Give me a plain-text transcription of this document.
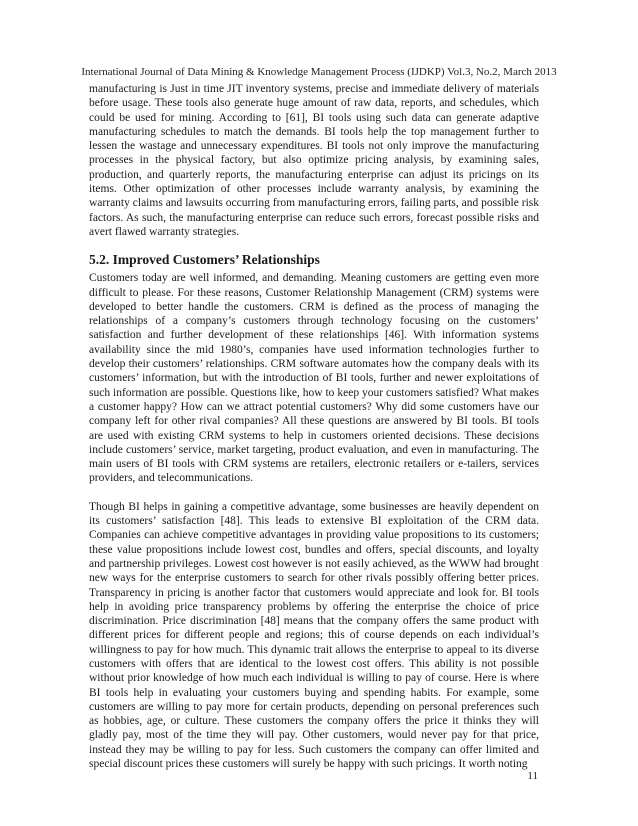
International Journal of Data Mining & Knowledge Management Process (IJDKP) Vol.3, No.2, March 2013

manufacturing is Just in time JIT inventory systems, precise and immediate delivery of materials before usage. These tools also generate huge amount of raw data, reports, and schedules, which could be used for mining. According to [61], BI tools using such data can generate adaptive manufacturing schedules to match the demands. BI tools help the top management further to lessen the wastage and unnecessary expenditures. BI tools not only improve the manufacturing processes in the physical factory, but also optimize pricing analysis, by examining sales, production, and quarterly reports, the manufacturing enterprise can adjust its pricings on its items. Other optimization of other processes include warranty analysis, by examining the warranty claims and lawsuits occurring from manufacturing errors, failing parts, and possible risk factors. As such, the manufacturing enterprise can reduce such errors, forecast possible risks and avert flawed warranty strategies.

5.2. Improved Customers’ Relationships

Customers today are well informed, and demanding. Meaning customers are getting even more difficult to please. For these reasons, Customer Relationship Management (CRM) systems were developed to better handle the customers. CRM is defined as the process of managing the relationships of a company’s customers through technology focusing on the customers’ satisfaction and further development of these relationships [46]. With information systems availability since the mid 1980’s, companies have used information technologies further to develop their customers’ relationships. CRM software automates how the company deals with its customers’ information, but with the introduction of BI tools, further and newer exploitations of such information are possible. Questions like, how to keep your customers satisfied? What makes a customer happy? How can we attract potential customers? Why did some customers have our company left for other rival companies? All these questions are answered by BI tools. BI tools are used with existing CRM systems to help in customers oriented decisions. These decisions include customers’ service, market targeting, product evaluation, and even in manufacturing. The main users of BI tools with CRM systems are retailers, electronic retailers or e-tailers, services providers, and telecommunications.

Though BI helps in gaining a competitive advantage, some businesses are heavily dependent on its customers’ satisfaction [48]. This leads to extensive BI exploitation of the CRM data. Companies can achieve competitive advantages in providing value propositions to its customers; these value propositions include lowest cost, bundles and offers, special discounts, and loyalty and partnership privileges. Lowest cost however is not easily achieved, as the WWW had brought new ways for the enterprise customers to search for other rivals possibly offering better prices. Transparency in pricing is another factor that customers would appreciate and look for. BI tools help in avoiding price transparency problems by offering the enterprise the choice of price discrimination. Price discrimination [48] means that the company offers the same product with different prices for different people and regions; this of course depends on each individual’s willingness to pay for how much. This dynamic trait allows the enterprise to appeal to its diverse customers with offers that are identical to the lowest cost offers. This ability is not possible without prior knowledge of how much each individual is willing to pay of course. Here is where BI tools help in evaluating your customers buying and spending habits. For example, some customers are willing to pay more for certain products, depending on personal preferences such as hobbies, age, or culture. These customers the company offers the price it thinks they will gladly pay, most of the time they will pay. Other customers, would never pay for that price, instead they may be willing to pay for less. Such customers the company can offer limited and special discount prices these customers will surely be happy with such pricings. It worth noting

11
